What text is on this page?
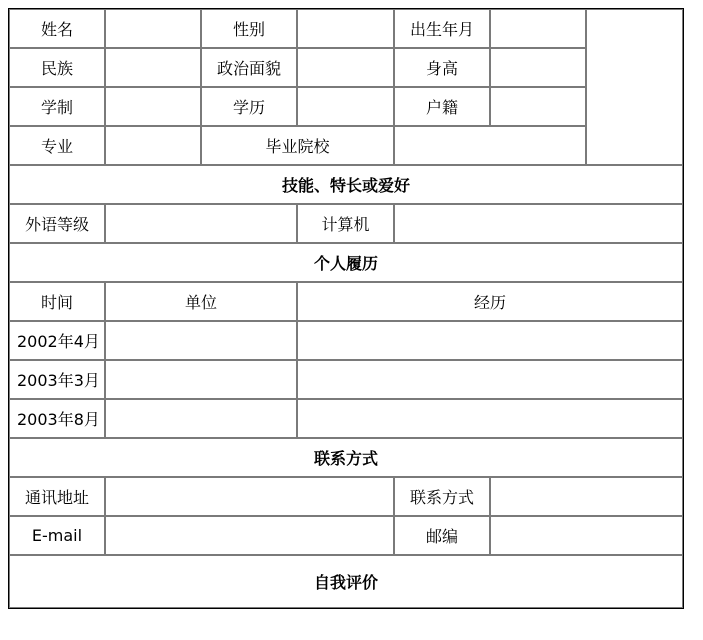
姓名		性别		出生年月		
民族		政治面貌		身高		
学制		学历		户籍		
专业		毕业院校				
技能、特长或爱好						
外语等级			计算机			
个人履历						
时间	单位		经历			
2002年4月						
2003年3月						
2003年8月						
联系方式						
通讯地址				联系方式		
E-mail				邮编		
自我评价						
